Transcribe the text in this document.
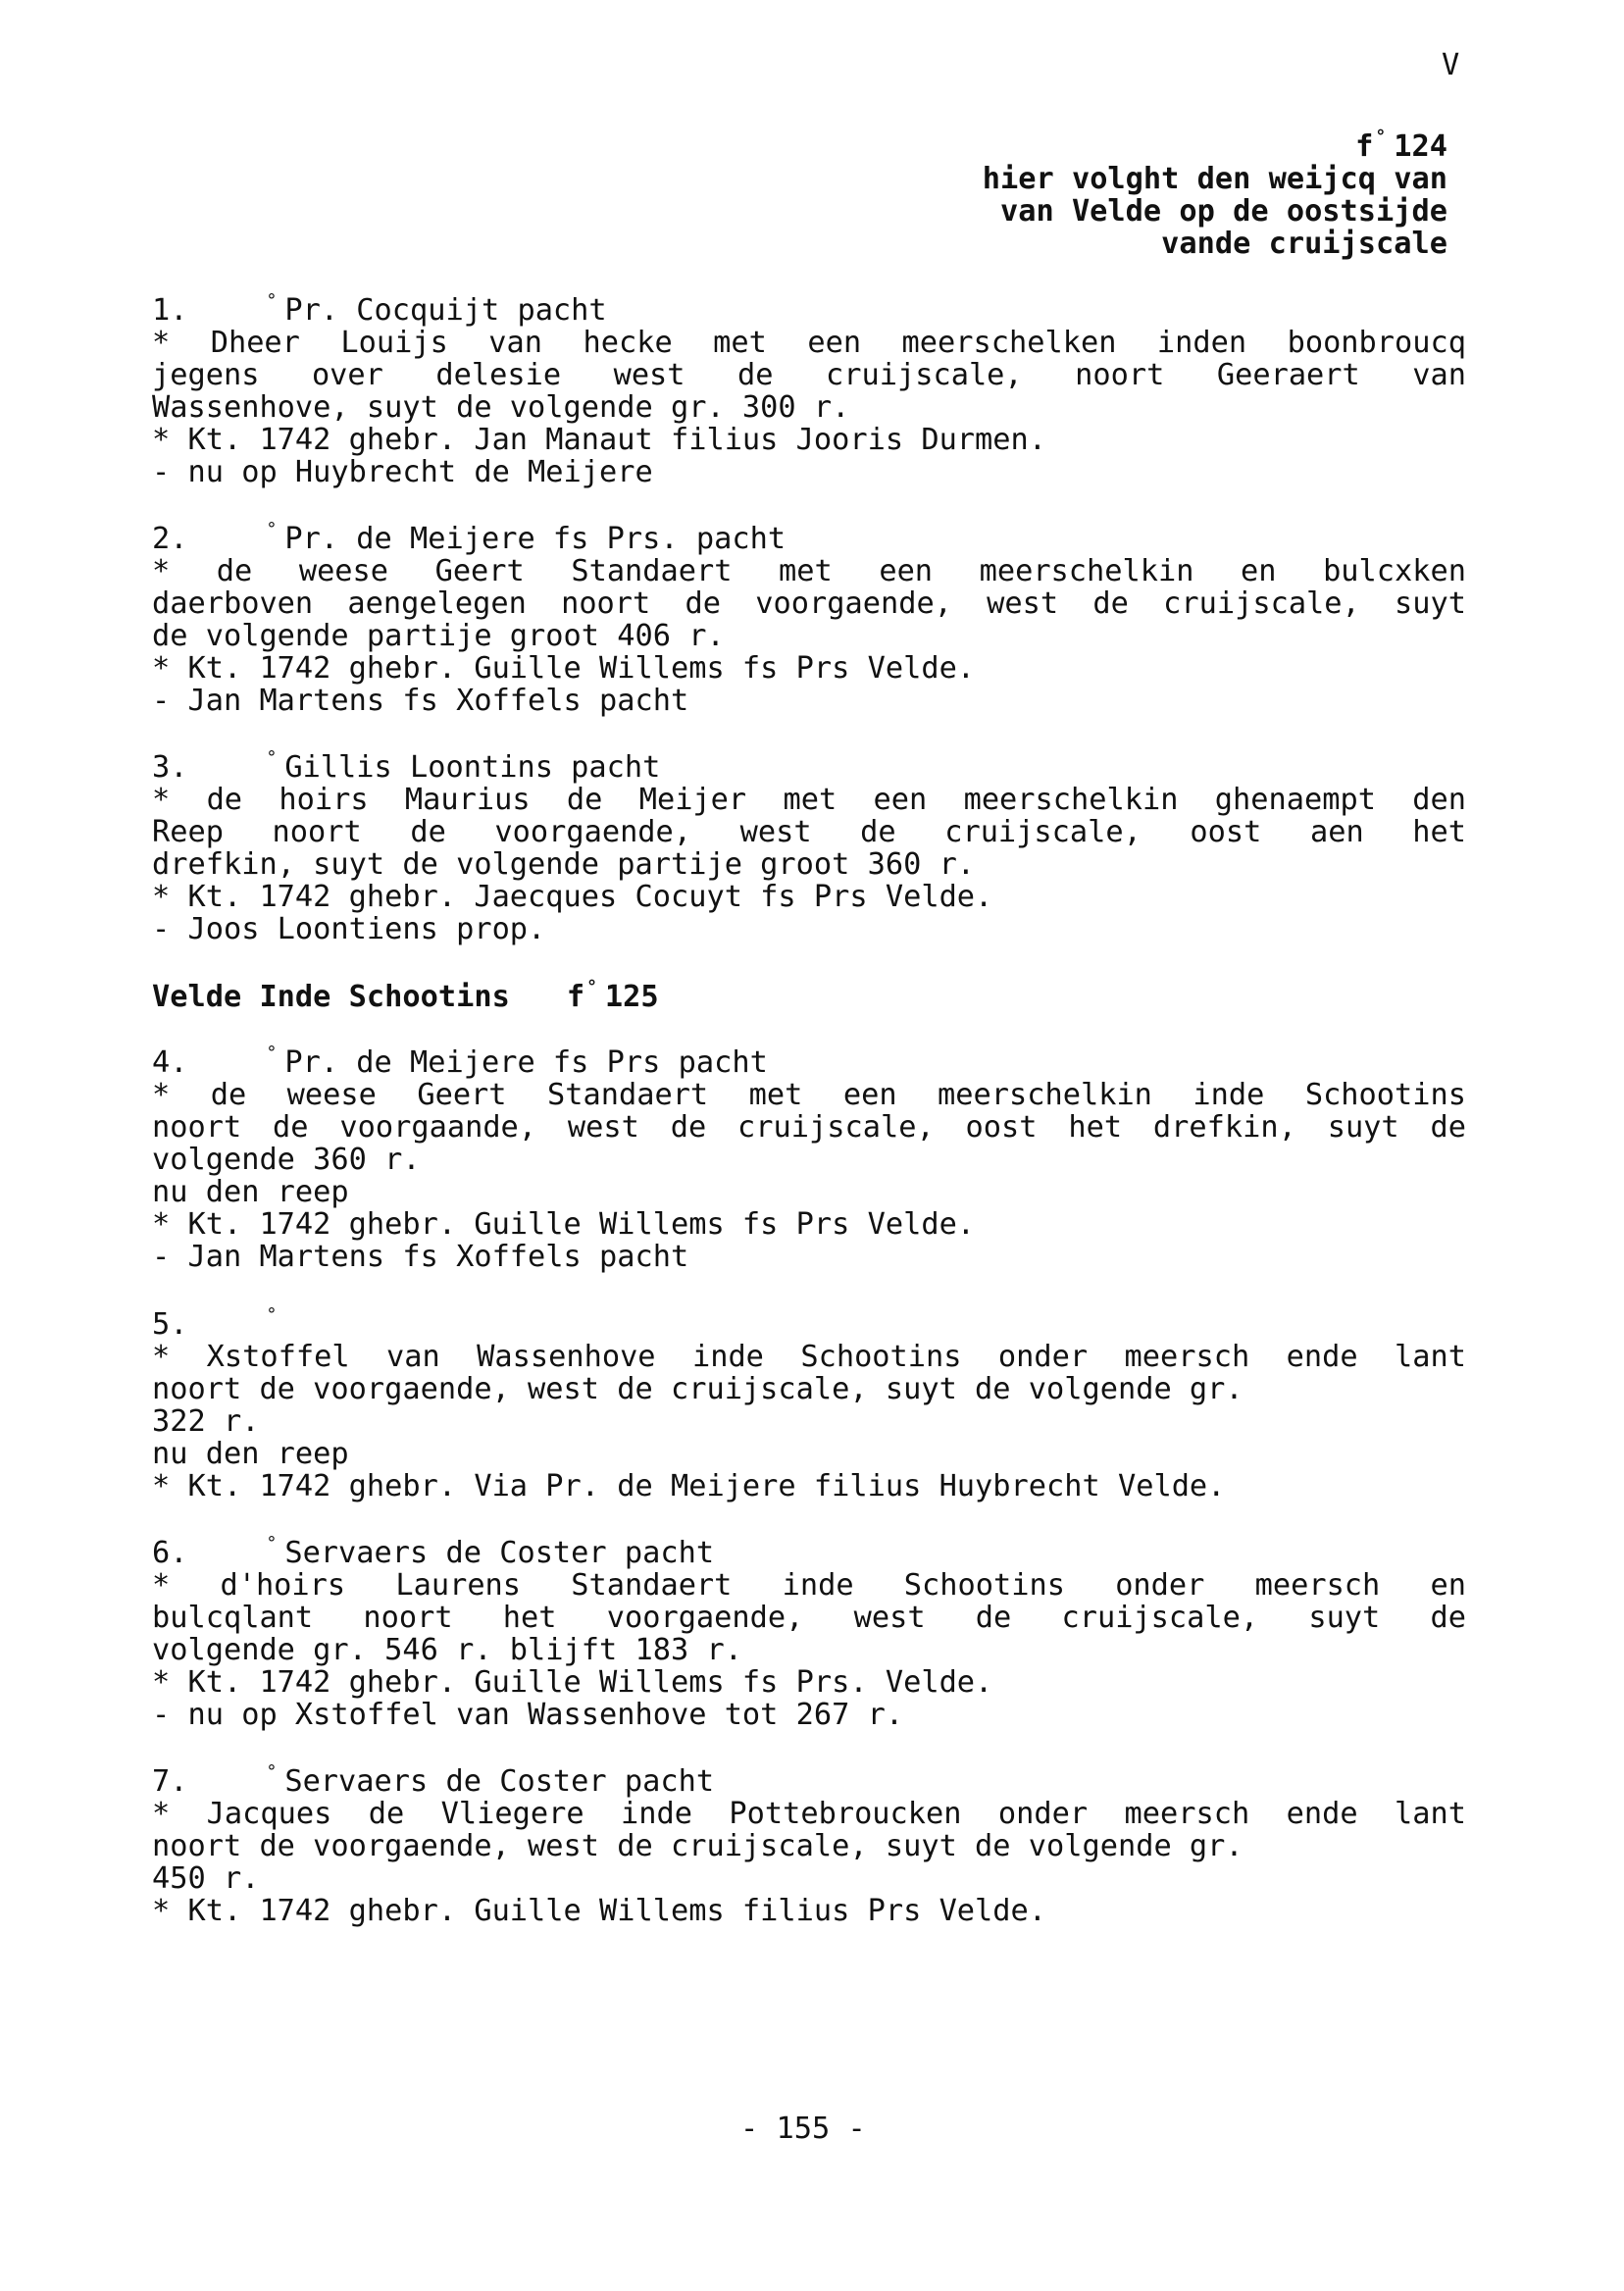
V
f ° 124
hier volght den weijcq van
van Velde op de oostsijde
vande cruijscale
1.	° Pr. Cocquijt pacht
* Dheer Louijs van hecke met een meerschelken inden boonbroucq
jegens over delesie west de cruijscale, noort Geeraert van
Wassenhove, suyt de volgende gr. 300 r.
* Kt. 1742 ghebr. Jan Manaut filius Jooris Durmen.
- nu op Huybrecht de Meijere
2.	° Pr. de Meijere fs Prs. pacht
* de weese Geert Standaert met een meerschelkin en bulcxken
daerboven aengelegen noort de voorgaende, west de cruijscale, suyt
de volgende partije groot 406 r.
* Kt. 1742 ghebr. Guille Willems fs Prs Velde.
- Jan Martens fs Xoffels pacht
3.	° Gillis Loontins pacht
* de hoirs Maurius de Meijer met een meerschelkin ghenaempt den
Reep noort de voorgaende, west de cruijscale, oost aen het
drefkin, suyt de volgende partije groot 360 r.
* Kt. 1742 ghebr. Jaecques Cocuyt fs Prs Velde.
- Joos Loontiens prop.
Velde Inde Schootins f ° 125
4.	° Pr. de Meijere fs Prs pacht
* de weese Geert Standaert met een meerschelkin inde Schootins
noort de voorgaande, west de cruijscale, oost het drefkin, suyt de
volgende 360 r.
nu den reep
* Kt. 1742 ghebr. Guille Willems fs Prs Velde.
- Jan Martens fs Xoffels pacht
5.	°
* Xstoffel van Wassenhove inde Schootins onder meersch ende lant
noort de voorgaende, west de cruijscale, suyt de volgende gr.
322 r.
nu den reep
* Kt. 1742 ghebr. Via Pr. de Meijere filius Huybrecht Velde.
6.	° Servaers de Coster pacht
* d'hoirs Laurens Standaert inde Schootins onder meersch en
bulcqlant noort het voorgaende, west de cruijscale, suyt de
volgende gr. 546 r. blijft 183 r.
* Kt. 1742 ghebr. Guille Willems fs Prs. Velde.
- nu op Xstoffel van Wassenhove tot 267 r.
7.	° Servaers de Coster pacht
* Jacques de Vliegere inde Pottebroucken onder meersch ende lant
noort de voorgaende, west de cruijscale, suyt de volgende gr.
450 r.
* Kt. 1742 ghebr. Guille Willems filius Prs Velde.
- 155 -
